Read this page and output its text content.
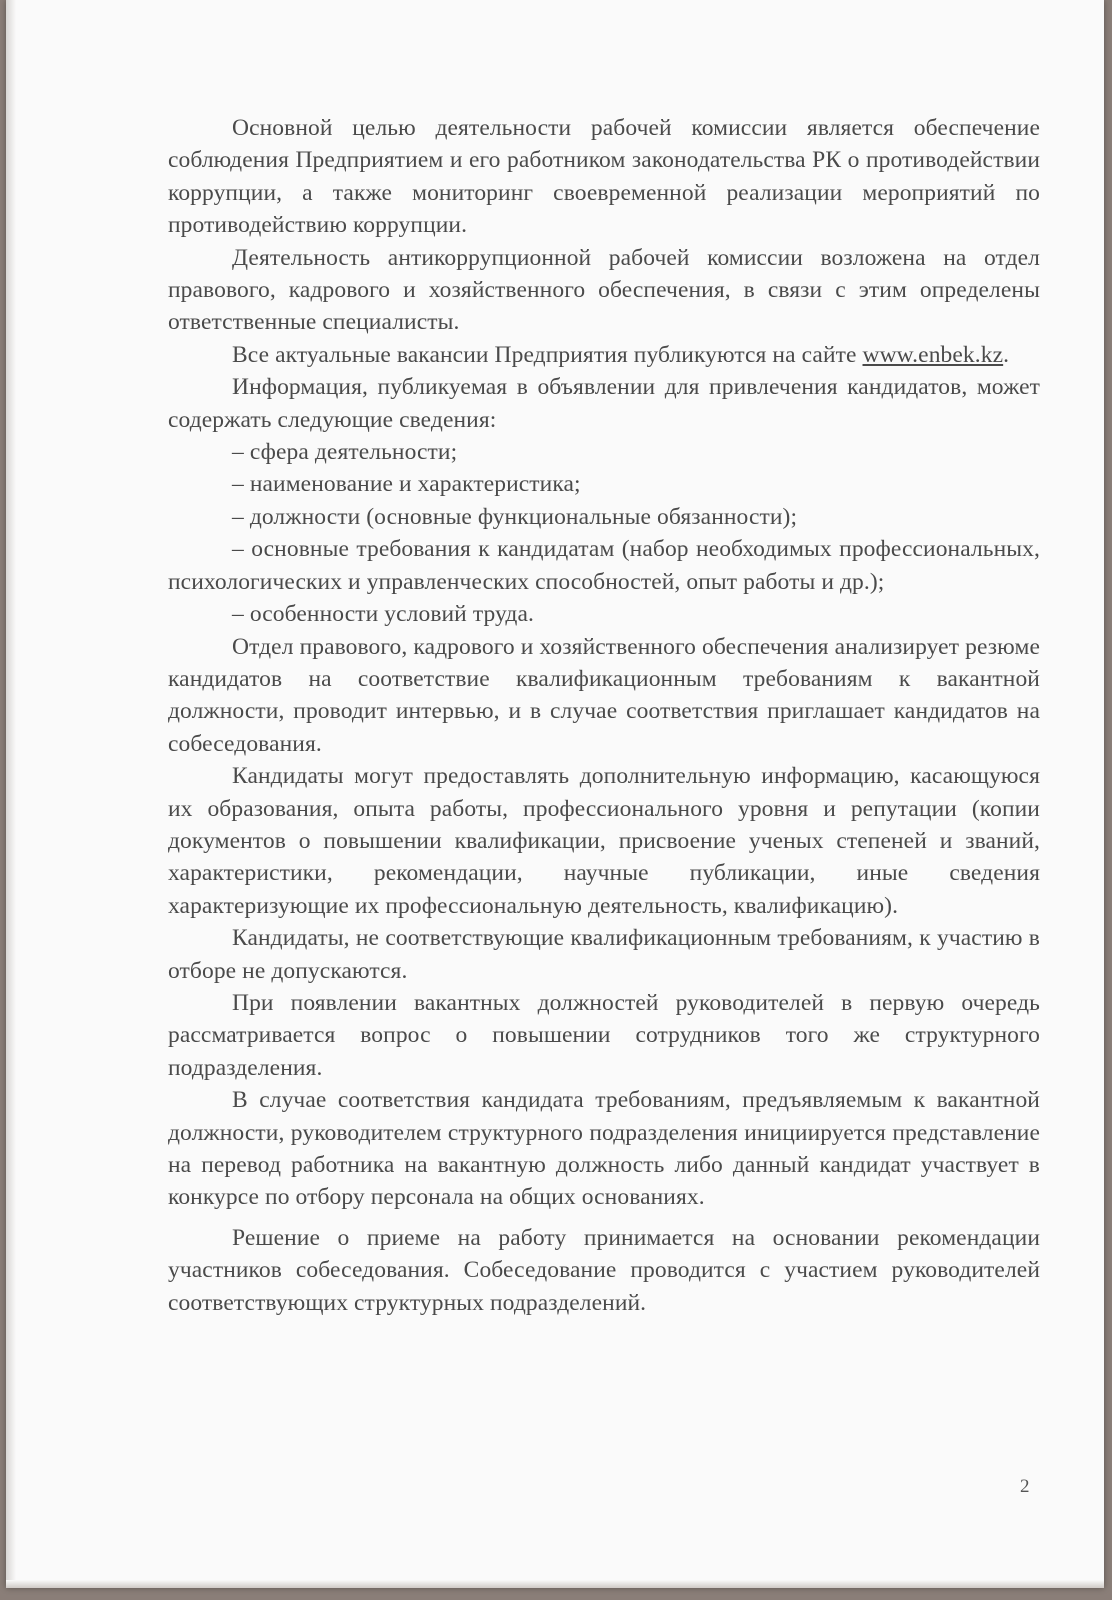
Основной целью деятельности рабочей комиссии является обеспечение соблюдения Предприятием и его работником законодательства РК о противодействии коррупции, а также мониторинг своевременной реализации мероприятий по противодействию коррупции.

Деятельность антикоррупционной рабочей комиссии возложена на отдел правового, кадрового и хозяйственного обеспечения, в связи с этим определены ответственные специалисты.

Все актуальные вакансии Предприятия публикуются на сайте www.enbek.kz.

Информация, публикуемая в объявлении для привлечения кандидатов, может содержать следующие сведения:

– сфера деятельности;

– наименование и характеристика;

– должности (основные функциональные обязанности);

– основные требования к кандидатам (набор необходимых профессиональных, психологических и управленческих способностей, опыт работы и др.);

– особенности условий труда.

Отдел правового, кадрового и хозяйственного обеспечения анализирует резюме кандидатов на соответствие квалификационным требованиям к вакантной должности, проводит интервью, и в случае соответствия приглашает кандидатов на собеседования.

Кандидаты могут предоставлять дополнительную информацию, касающуюся их образования, опыта работы, профессионального уровня и репутации (копии документов о повышении квалификации, присвоение ученых степеней и званий, характеристики, рекомендации, научные публикации, иные сведения характеризующие их профессиональную деятельность, квалификацию).

Кандидаты, не соответствующие квалификационным требованиям, к участию в отборе не допускаются.

При появлении вакантных должностей руководителей в первую очередь рассматривается вопрос о повышении сотрудников того же структурного подразделения.

В случае соответствия кандидата требованиям, предъявляемым к вакантной должности, руководителем структурного подразделения инициируется представление на перевод работника на вакантную должность либо данный кандидат участвует в конкурсе по отбору персонала на общих основаниях.

Решение о приеме на работу принимается на основании рекомендации участников собеседования. Собеседование проводится с участием руководителей соответствующих структурных подразделений.

2
